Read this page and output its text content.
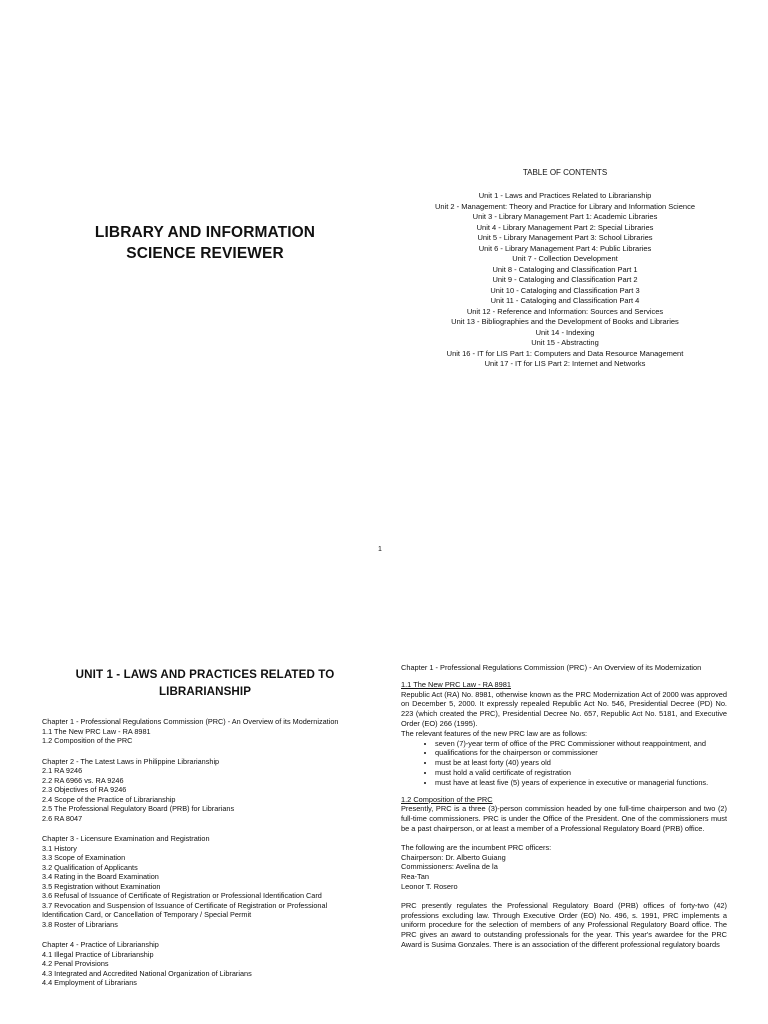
LIBRARY AND INFORMATION
SCIENCE REVIEWER
TABLE OF CONTENTS
Unit 1 - Laws and Practices Related to Librarianship
Unit 2 - Management: Theory and Practice for Library and Information Science
Unit 3 - Library Management Part 1: Academic Libraries
Unit 4 - Library Management Part 2: Special Libraries
Unit 5 - Library Management Part 3: School Libraries
Unit 6 - Library Management Part 4: Public Libraries
Unit 7 - Collection Development
Unit 8 - Cataloging and Classification Part 1
Unit 9 - Cataloging and Classification Part 2
Unit 10 - Cataloging and Classification Part 3
Unit 11 - Cataloging and Classification Part 4
Unit 12 - Reference and Information: Sources and Services
Unit 13 - Bibliographies and the Development of Books and Libraries
Unit 14 - Indexing
Unit 15 - Abstracting
Unit 16 - IT for LIS Part 1: Computers and Data Resource Management
Unit 17 - IT for LIS Part 2: Internet and Networks
1
UNIT 1 - LAWS AND PRACTICES RELATED TO
LIBRARIANSHIP
Chapter 1 - Professional Regulations Commission (PRC) - An Overview of its Modernization
1.1 The New PRC Law - RA 8981
1.2 Composition of the PRC
Chapter 2 - The Latest Laws in Philippine Librarianship
2.1 RA 9246
2.2 RA 6966 vs. RA 9246
2.3 Objectives of RA 9246
2.4 Scope of the Practice of Librarianship
2.5 The Professional Regulatory Board (PRB) for Librarians
2.6 RA 8047
Chapter 3 - Licensure Examination and Registration
3.1 History
3.3 Scope of Examination
3.2 Qualification of Applicants
3.4 Rating in the Board Examination
3.5 Registration without Examination
3.6 Refusal of Issuance of Certificate of Registration or Professional Identification Card
3.7 Revocation and Suspension of Issuance of Certificate of Registration or Professional Identification Card, or Cancellation of Temporary / Special Permit
3.8 Roster of Librarians
Chapter 4 - Practice of Librarianship
4.1 Illegal Practice of Librarianship
4.2 Penal Provisions
4.3 Integrated and Accredited National Organization of Librarians
4.4 Employment of Librarians
Chapter 1 - Professional Regulations Commission (PRC) - An Overview of its Modernization
1.1 The New PRC Law - RA 8981
Republic Act (RA) No. 8981, otherwise known as the PRC Modernization Act of 2000 was approved on December 5, 2000. It expressly repealed Republic Act No. 546, Presidential Decree (PD) No. 223 (which created the PRC), Presidential Decree No. 657, Republic Act No. 5181, and Executive Order (EO) 266 (1995).
The relevant features of the new PRC law are as follows:
• seven (7)-year term of office of the PRC Commissioner without reappointment, and
• qualifications for the chairperson or commissioner
• must be at least forty (40) years old
• must hold a valid certificate of registration
• must have at least five (5) years of experience in executive or managerial functions.
1.2 Composition of the PRC
Presently, PRC is a three (3)-person commission headed by one full-time chairperson and two (2) full-time commissioners. PRC is under the Office of the President. One of the commissioners must be a past chairperson, or at least a member of a Professional Regulatory Board (PRB) office.
The following are the incumbent PRC officers:
Chairperson: Dr. Alberto Guiang
Commissioners: Avelina de la
Rea-Tan
Leonor T. Rosero
PRC presently regulates the Professional Regulatory Board (PRB) offices of forty-two (42) professions excluding law. Through Executive Order (EO) No. 496, s. 1991, PRC implements a uniform procedure for the selection of members of any Professional Regulatory Board office. The PRC gives an award to outstanding professionals for the year. This year's awardee for the PRC Award is Susima Gonzales. There is an association of the different professional regulatory boards
